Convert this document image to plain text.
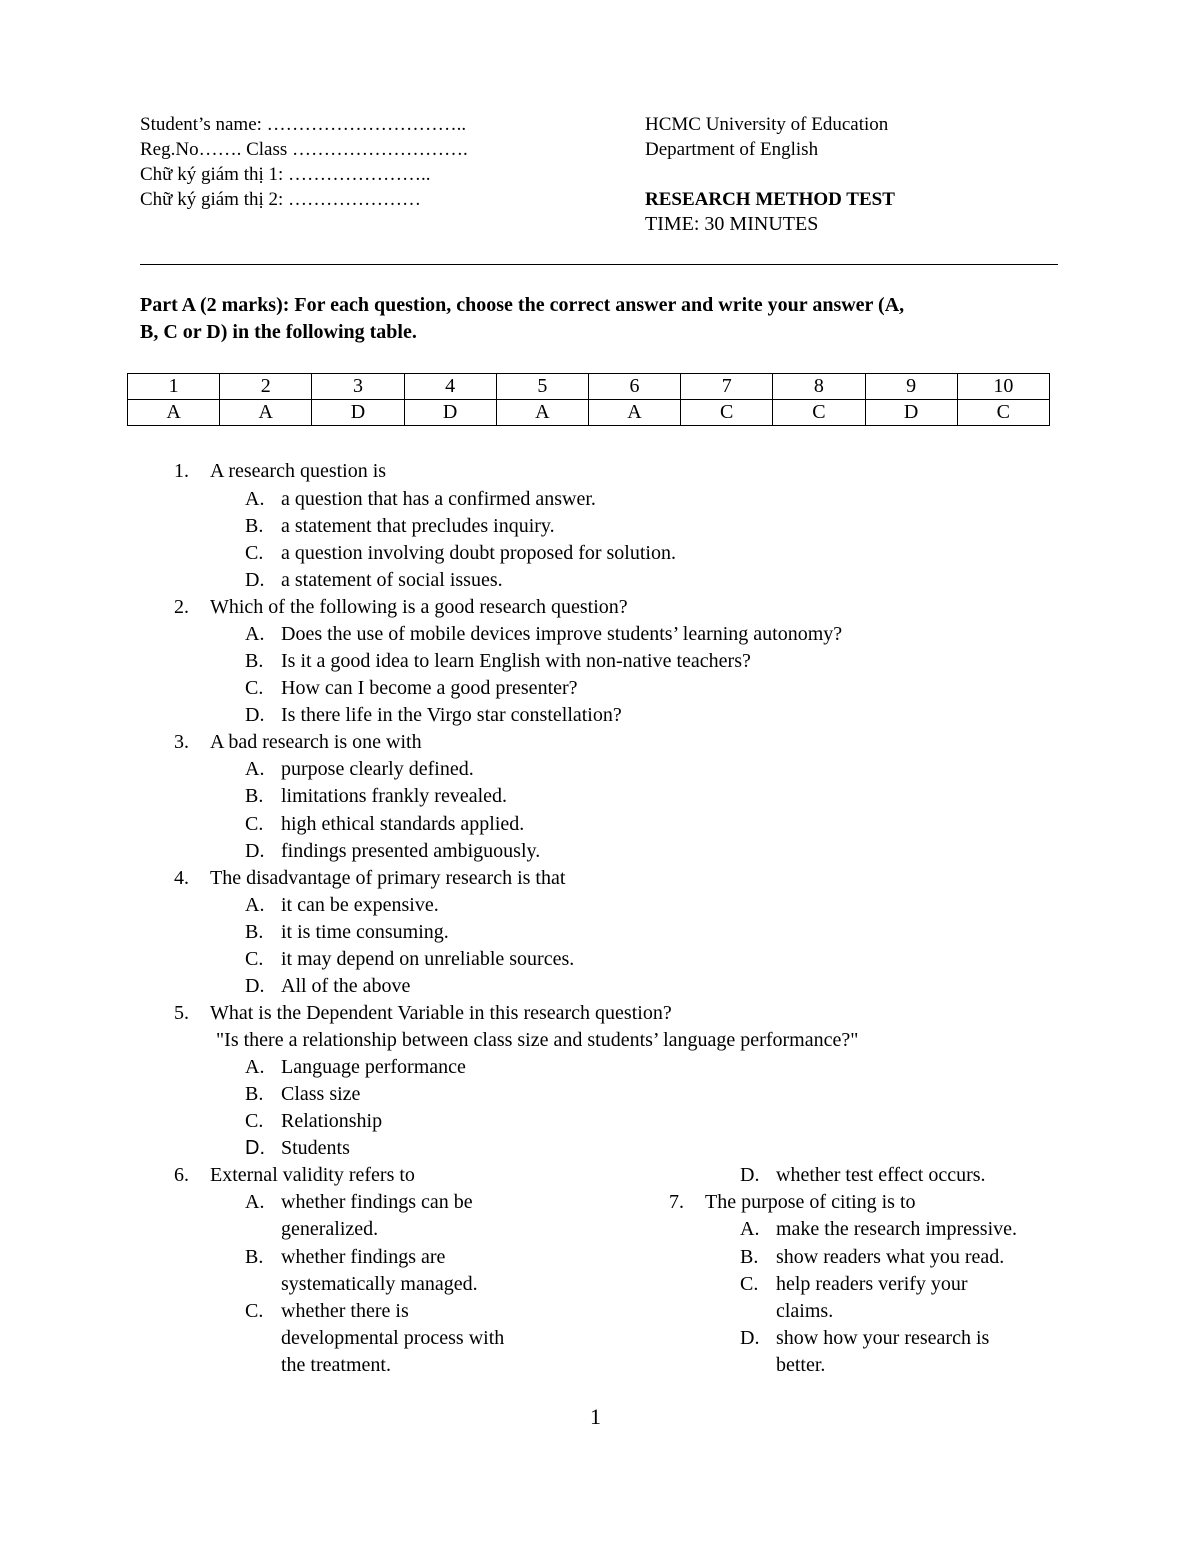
Student’s name: …………………………..
Reg.No……. Class ……………………….
Chữ ký giám thị 1: …………………..
Chữ ký giám thị 2: …………………
HCMC University of Education
Department of English
RESEARCH METHOD TEST
TIME: 30 MINUTES
Part A (2 marks): For each question, choose the correct answer and write your answer (A,
B, C or D) in the following table.
1	2	3	4	5	6	7	8	9	10
A	A	D	D	A	A	C	C	D	C
1. A research question is
A. a question that has a confirmed answer.
B. a statement that precludes inquiry.
C. a question involving doubt proposed for solution.
D. a statement of social issues.
2. Which of the following is a good research question?
A. Does the use of mobile devices improve students’ learning autonomy?
B. Is it a good idea to learn English with non-native teachers?
C. How can I become a good presenter?
D. Is there life in the Virgo star constellation?
3. A bad research is one with
A. purpose clearly defined.
B. limitations frankly revealed.
C. high ethical standards applied.
D. findings presented ambiguously.
4. The disadvantage of primary research is that
A. it can be expensive.
B. it is time consuming.
C. it may depend on unreliable sources.
D. All of the above
5. What is the Dependent Variable in this research question?
"Is there a relationship between class size and students’ language performance?"
A. Language performance
B. Class size
C. Relationship
D. Students
6. External validity refers to
A. whether findings can be
generalized.
B. whether findings are
systematically managed.
C. whether there is
developmental process with
the treatment.
D. whether test effect occurs.
7. The purpose of citing is to
A. make the research impressive.
B. show readers what you read.
C. help readers verify your
claims.
D. show how your research is
better.
1
